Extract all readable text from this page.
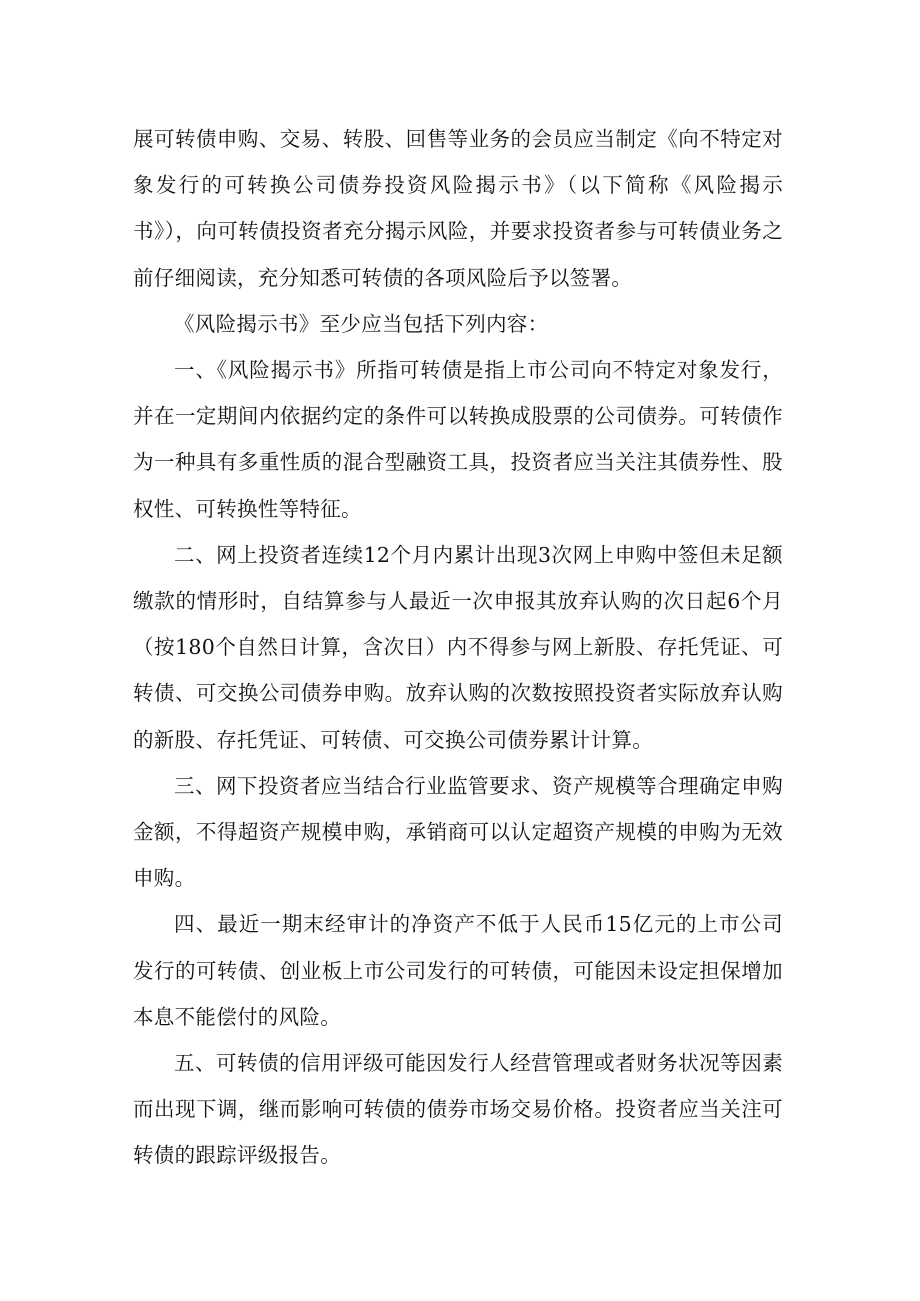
展可转债申购、交易、转股、回售等业务的会员应当制定《向不特定对象发行的可转换公司债券投资风险揭示书》（以下简称《风险揭示书》），向可转债投资者充分揭示风险，并要求投资者参与可转债业务之前仔细阅读，充分知悉可转债的各项风险后予以签署。

《风险揭示书》至少应当包括下列内容：

一、《风险揭示书》所指可转债是指上市公司向不特定对象发行，并在一定期间内依据约定的条件可以转换成股票的公司债券。可转债作为一种具有多重性质的混合型融资工具，投资者应当关注其债券性、股权性、可转换性等特征。

二、网上投资者连续12个月内累计出现3次网上申购中签但未足额缴款的情形时，自结算参与人最近一次申报其放弃认购的次日起6个月（按180个自然日计算，含次日）内不得参与网上新股、存托凭证、可转债、可交换公司债券申购。放弃认购的次数按照投资者实际放弃认购的新股、存托凭证、可转债、可交换公司债券累计计算。

三、网下投资者应当结合行业监管要求、资产规模等合理确定申购金额，不得超资产规模申购，承销商可以认定超资产规模的申购为无效申购。

四、最近一期末经审计的净资产不低于人民币15亿元的上市公司发行的可转债、创业板上市公司发行的可转债，可能因未设定担保增加本息不能偿付的风险。

五、可转债的信用评级可能因发行人经营管理或者财务状况等因素而出现下调，继而影响可转债的债券市场交易价格。投资者应当关注可转债的跟踪评级报告。
